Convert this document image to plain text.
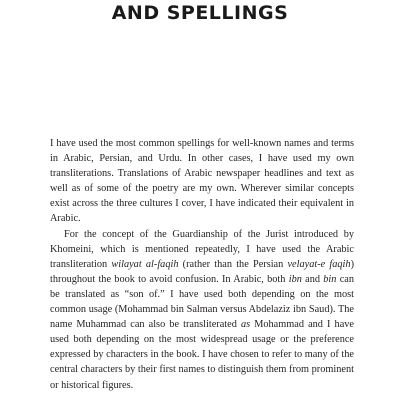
AND SPELLINGS

I have used the most common spellings for well-known names and terms in Arabic, Persian, and Urdu. In other cases, I have used my own transliterations. Translations of Arabic newspaper headlines and text as well as of some of the poetry are my own. Wherever similar concepts exist across the three cultures I cover, I have indicated their equivalent in Arabic.

For the concept of the Guardianship of the Jurist introduced by Khomeini, which is mentioned repeatedly, I have used the Arabic transliteration wilayat al-faqih (rather than the Persian velayat-e faqih) throughout the book to avoid confusion. In Arabic, both ibn and bin can be translated as “son of.” I have used both depending on the most common usage (Mohammad bin Salman versus Abdelaziz ibn Saud). The name Muhammad can also be transliterated as Mohammad and I have used both depending on the most widespread usage or the preference expressed by characters in the book. I have chosen to refer to many of the central characters by their first names to distinguish them from prominent or historical figures.
